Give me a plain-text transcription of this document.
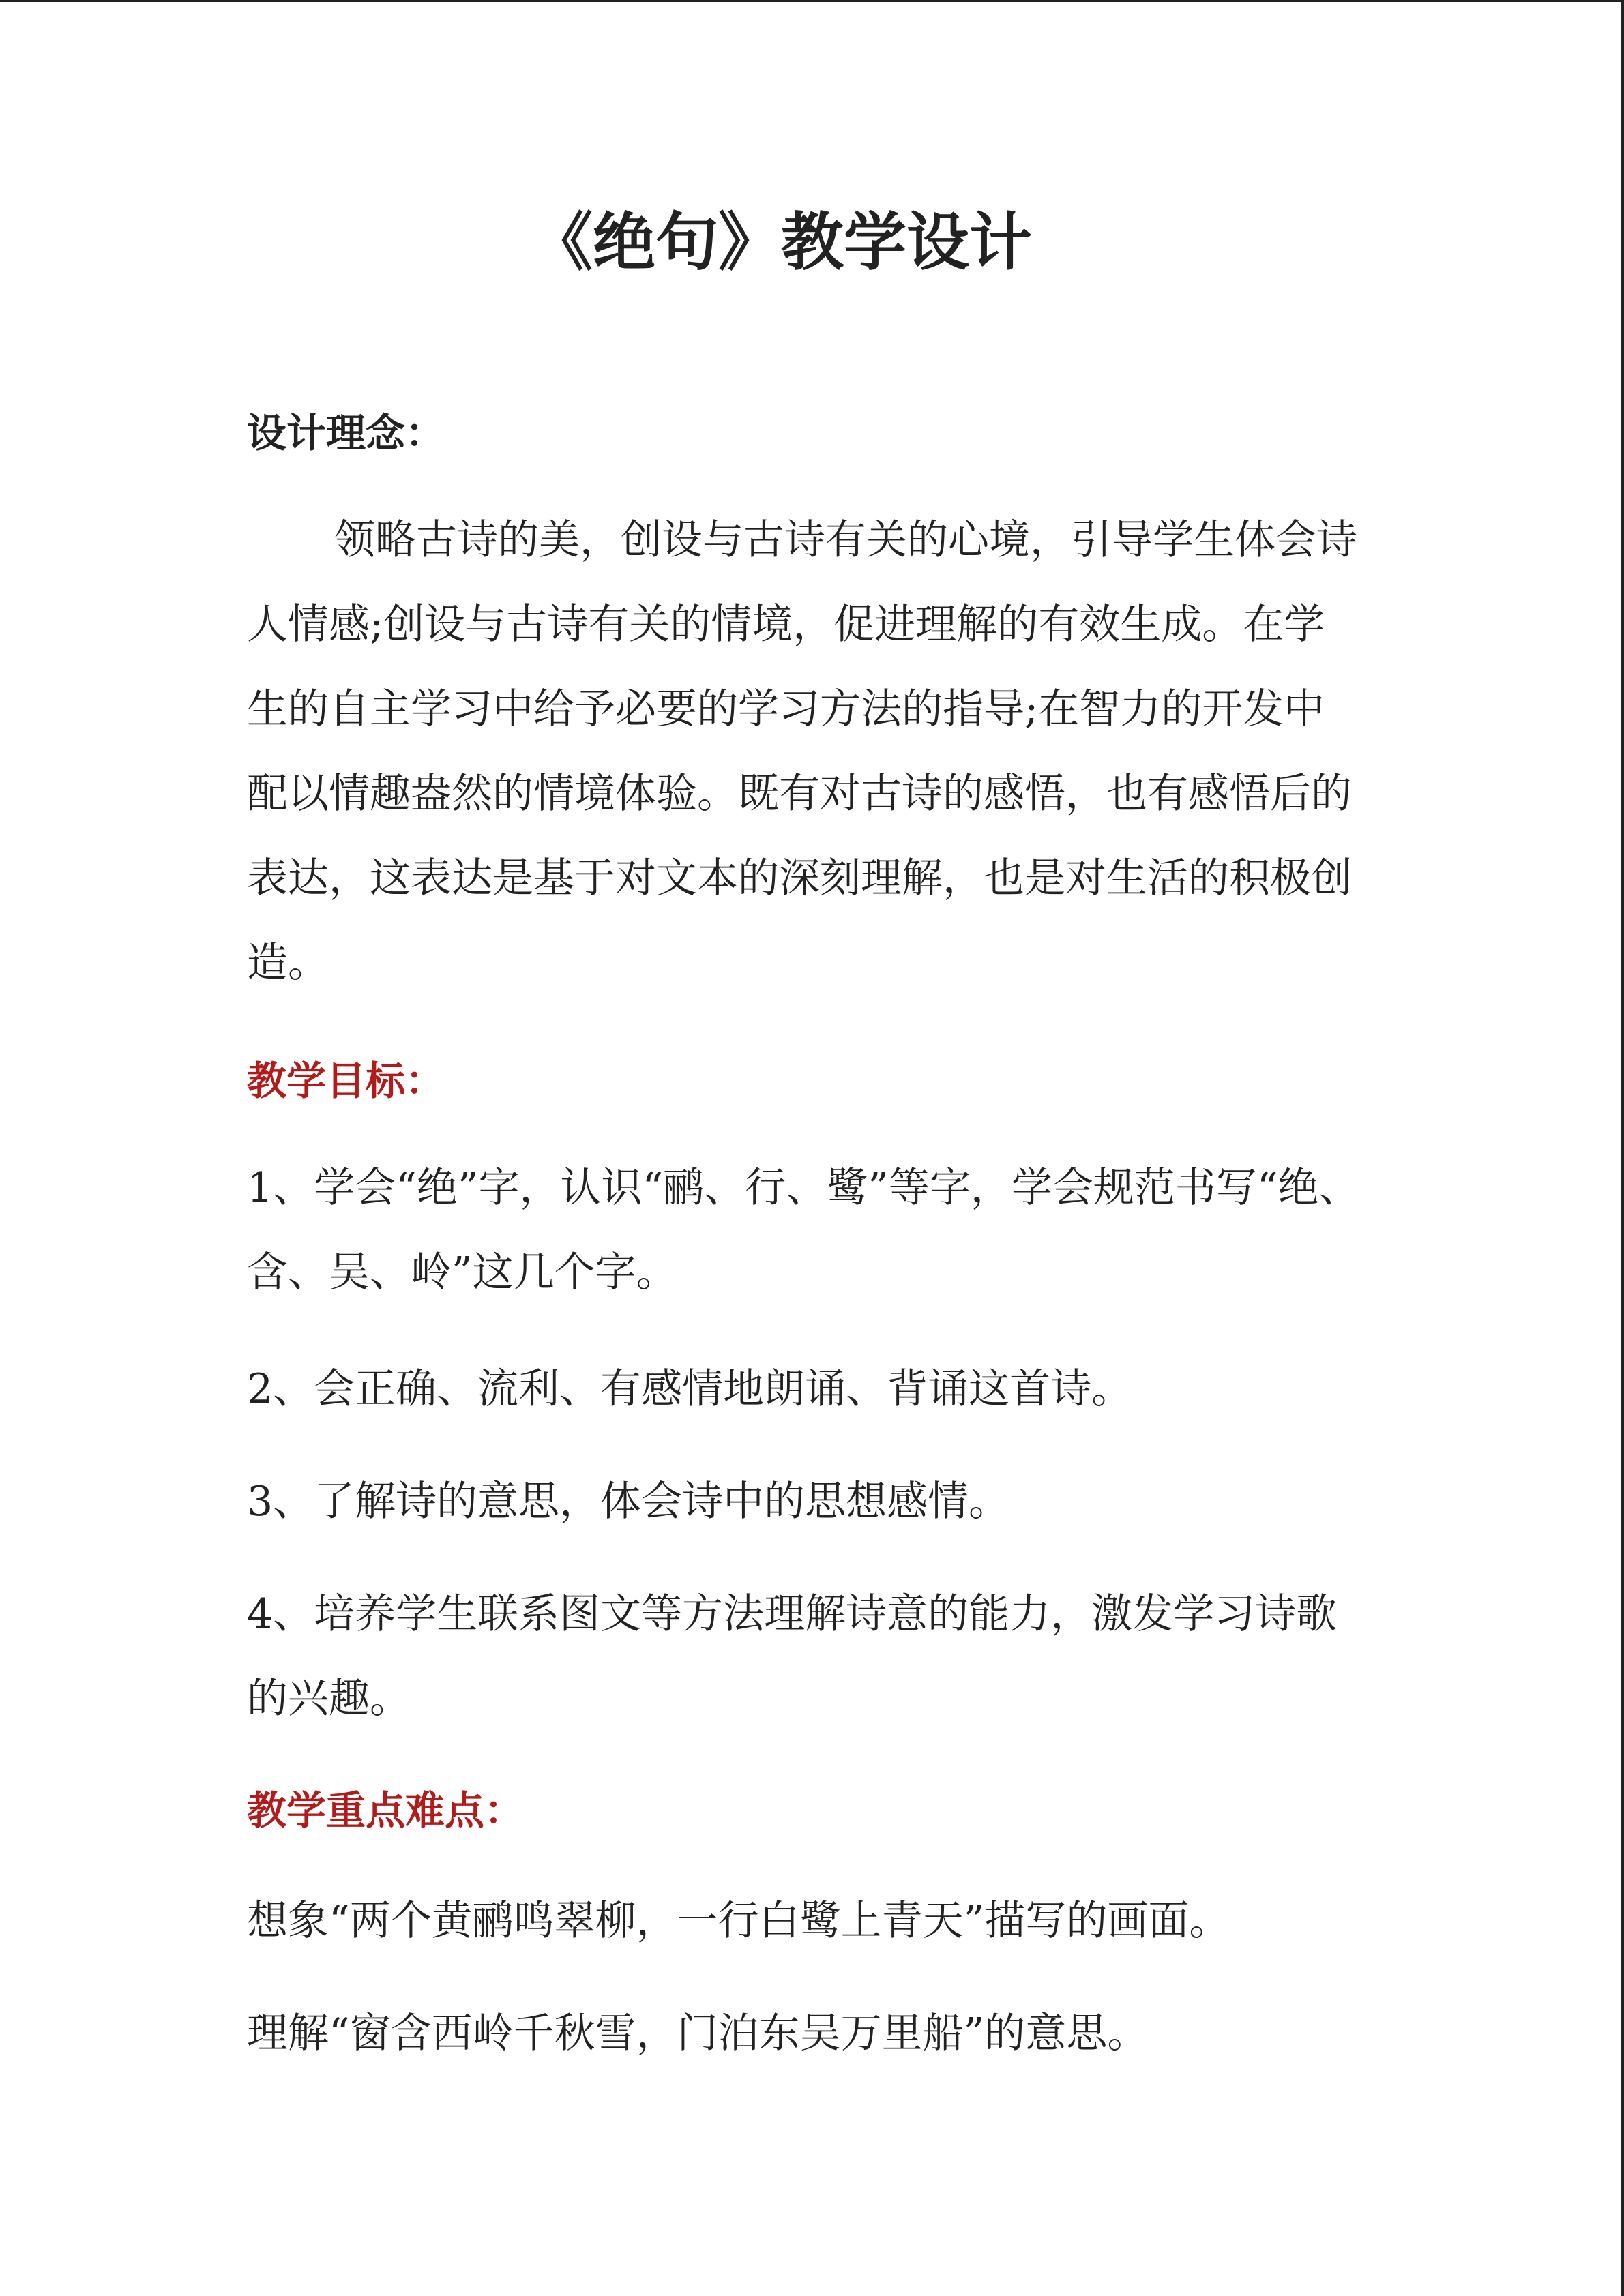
《绝句》教学设计
设计理念：

领略古诗的美，创设与古诗有关的心境，引导学生体会诗人情感;创设与古诗有关的情境，促进理解的有效生成。在学生的自主学习中给予必要的学习方法的指导;在智力的开发中配以情趣盎然的情境体验。既有对古诗的感悟，也有感悟后的表达，这表达是基于对文本的深刻理解，也是对生活的积极创造。

教学目标：

1、学会“绝”字，认识“鹂、行、鹭”等字，学会规范书写“绝、含、吴、岭”这几个字。

2、会正确、流利、有感情地朗诵、背诵这首诗。

3、了解诗的意思，体会诗中的思想感情。

4、培养学生联系图文等方法理解诗意的能力，激发学习诗歌的兴趣。

教学重点难点：

想象“两个黄鹂鸣翠柳，一行白鹭上青天”描写的画面。

理解“窗含西岭千秋雪，门泊东吴万里船”的意思。
